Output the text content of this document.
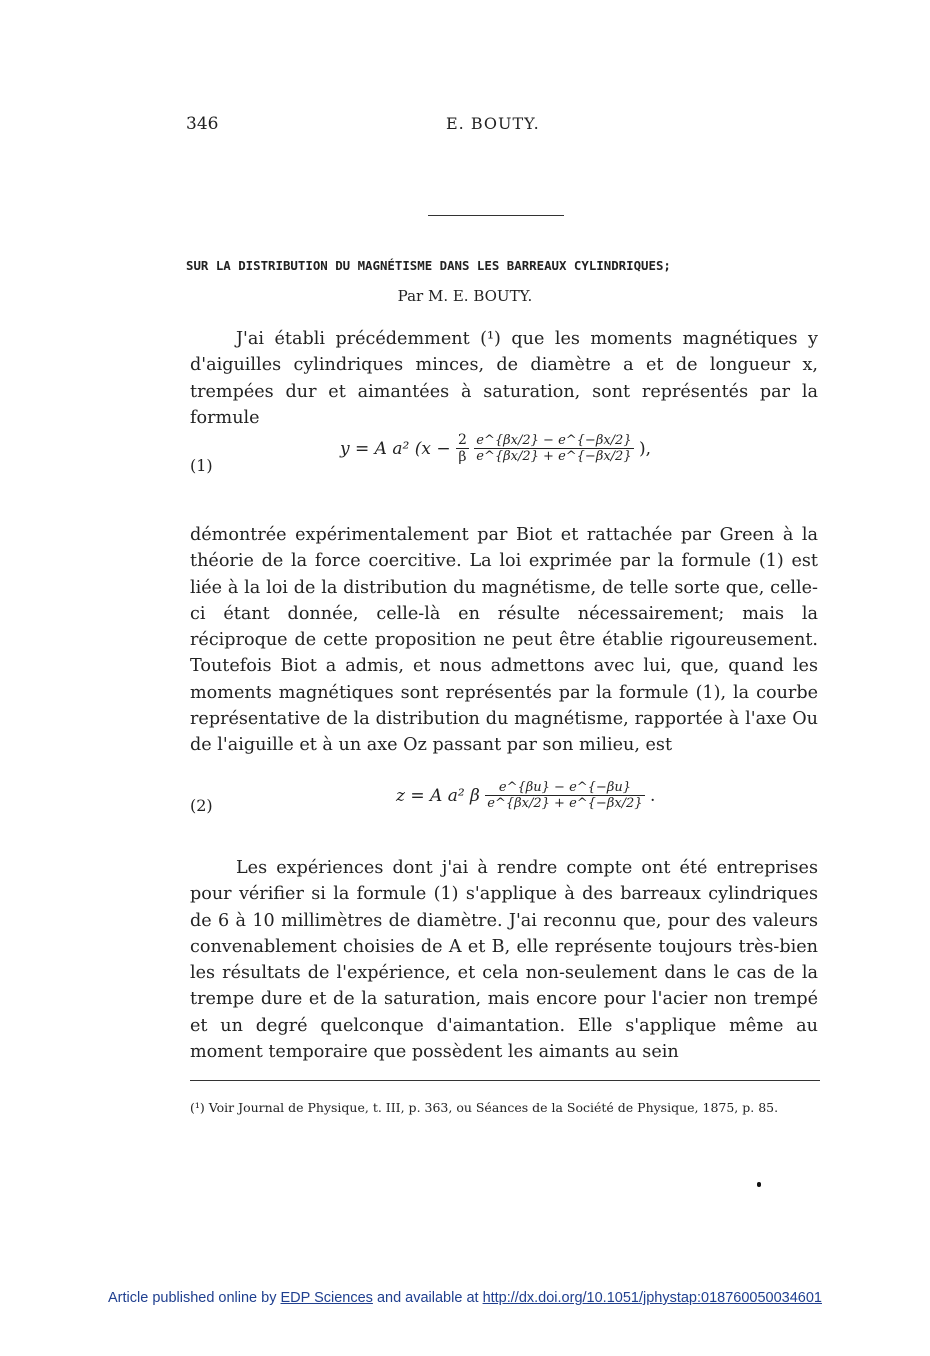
346	E. BOUTY.
SUR LA DISTRIBUTION DU MAGNÉTISME DANS LES BARREAUX CYLINDRIQUES;
Par M. E. BOUTY.

J'ai établi précédemment (¹) que les moments magnétiques y d'aiguilles cylindriques minces, de diamètre a et de longueur x, trempées dur et aimantées à saturation, sont représentés par la formule

(1)
y = A a² ($x - \frac{2}{\beta}$
$\frac{e\^{}\{\beta x/2\} - e\^{}\{-\beta x/2\}}{e\^{}\{\beta x/2\} + e\^{}\{-\beta x/2\}}$ ),

démontrée expérimentalement par Biot et rattachée par Green à la théorie de la force coercitive. La loi exprimée par la formule (1) est liée à la loi de la distribution du magnétisme, de telle sorte que, celle-ci étant donnée, celle-là en résulte nécessairement; mais la réciproque de cette proposition ne peut être établie rigoureusement. Toutefois Biot a admis, et nous admettons avec lui, que, quand les moments magnétiques sont représentés par la formule (1), la courbe représentative de la distribution du magnétisme, rapportée à l'axe Ou de l'aiguille et à un axe Oz passant par son milieu, est

(2)	z = A a² β $\frac{e\^{}\{\beta u\} - e\^{}\{-\beta u\}}{e\^{}\{\beta x/2\} + e\^{}\{-\beta x/2\}}$ .

Les expériences dont j'ai à rendre compte ont été entreprises pour vérifier si la formule (1) s'applique à des barreaux cylindriques de 6 à 10 millimètres de diamètre. J'ai reconnu que, pour des valeurs convenablement choisies de A et B, elle représente toujours très-bien les résultats de l'expérience, et cela non-seulement dans le cas de la trempe dure et de la saturation, mais encore pour l'acier non trempé et un degré quelconque d'aimantation. Elle s'applique même au moment temporaire que possèdent les aimants au sein

(¹) Voir Journal de Physique, t. III, p. 363, ou Séances de la Société de Physique, 1875, p. 85.
Article published online by EDP Sciences and available at http://dx.doi.org/10.1051/jphystap:018760050034601
